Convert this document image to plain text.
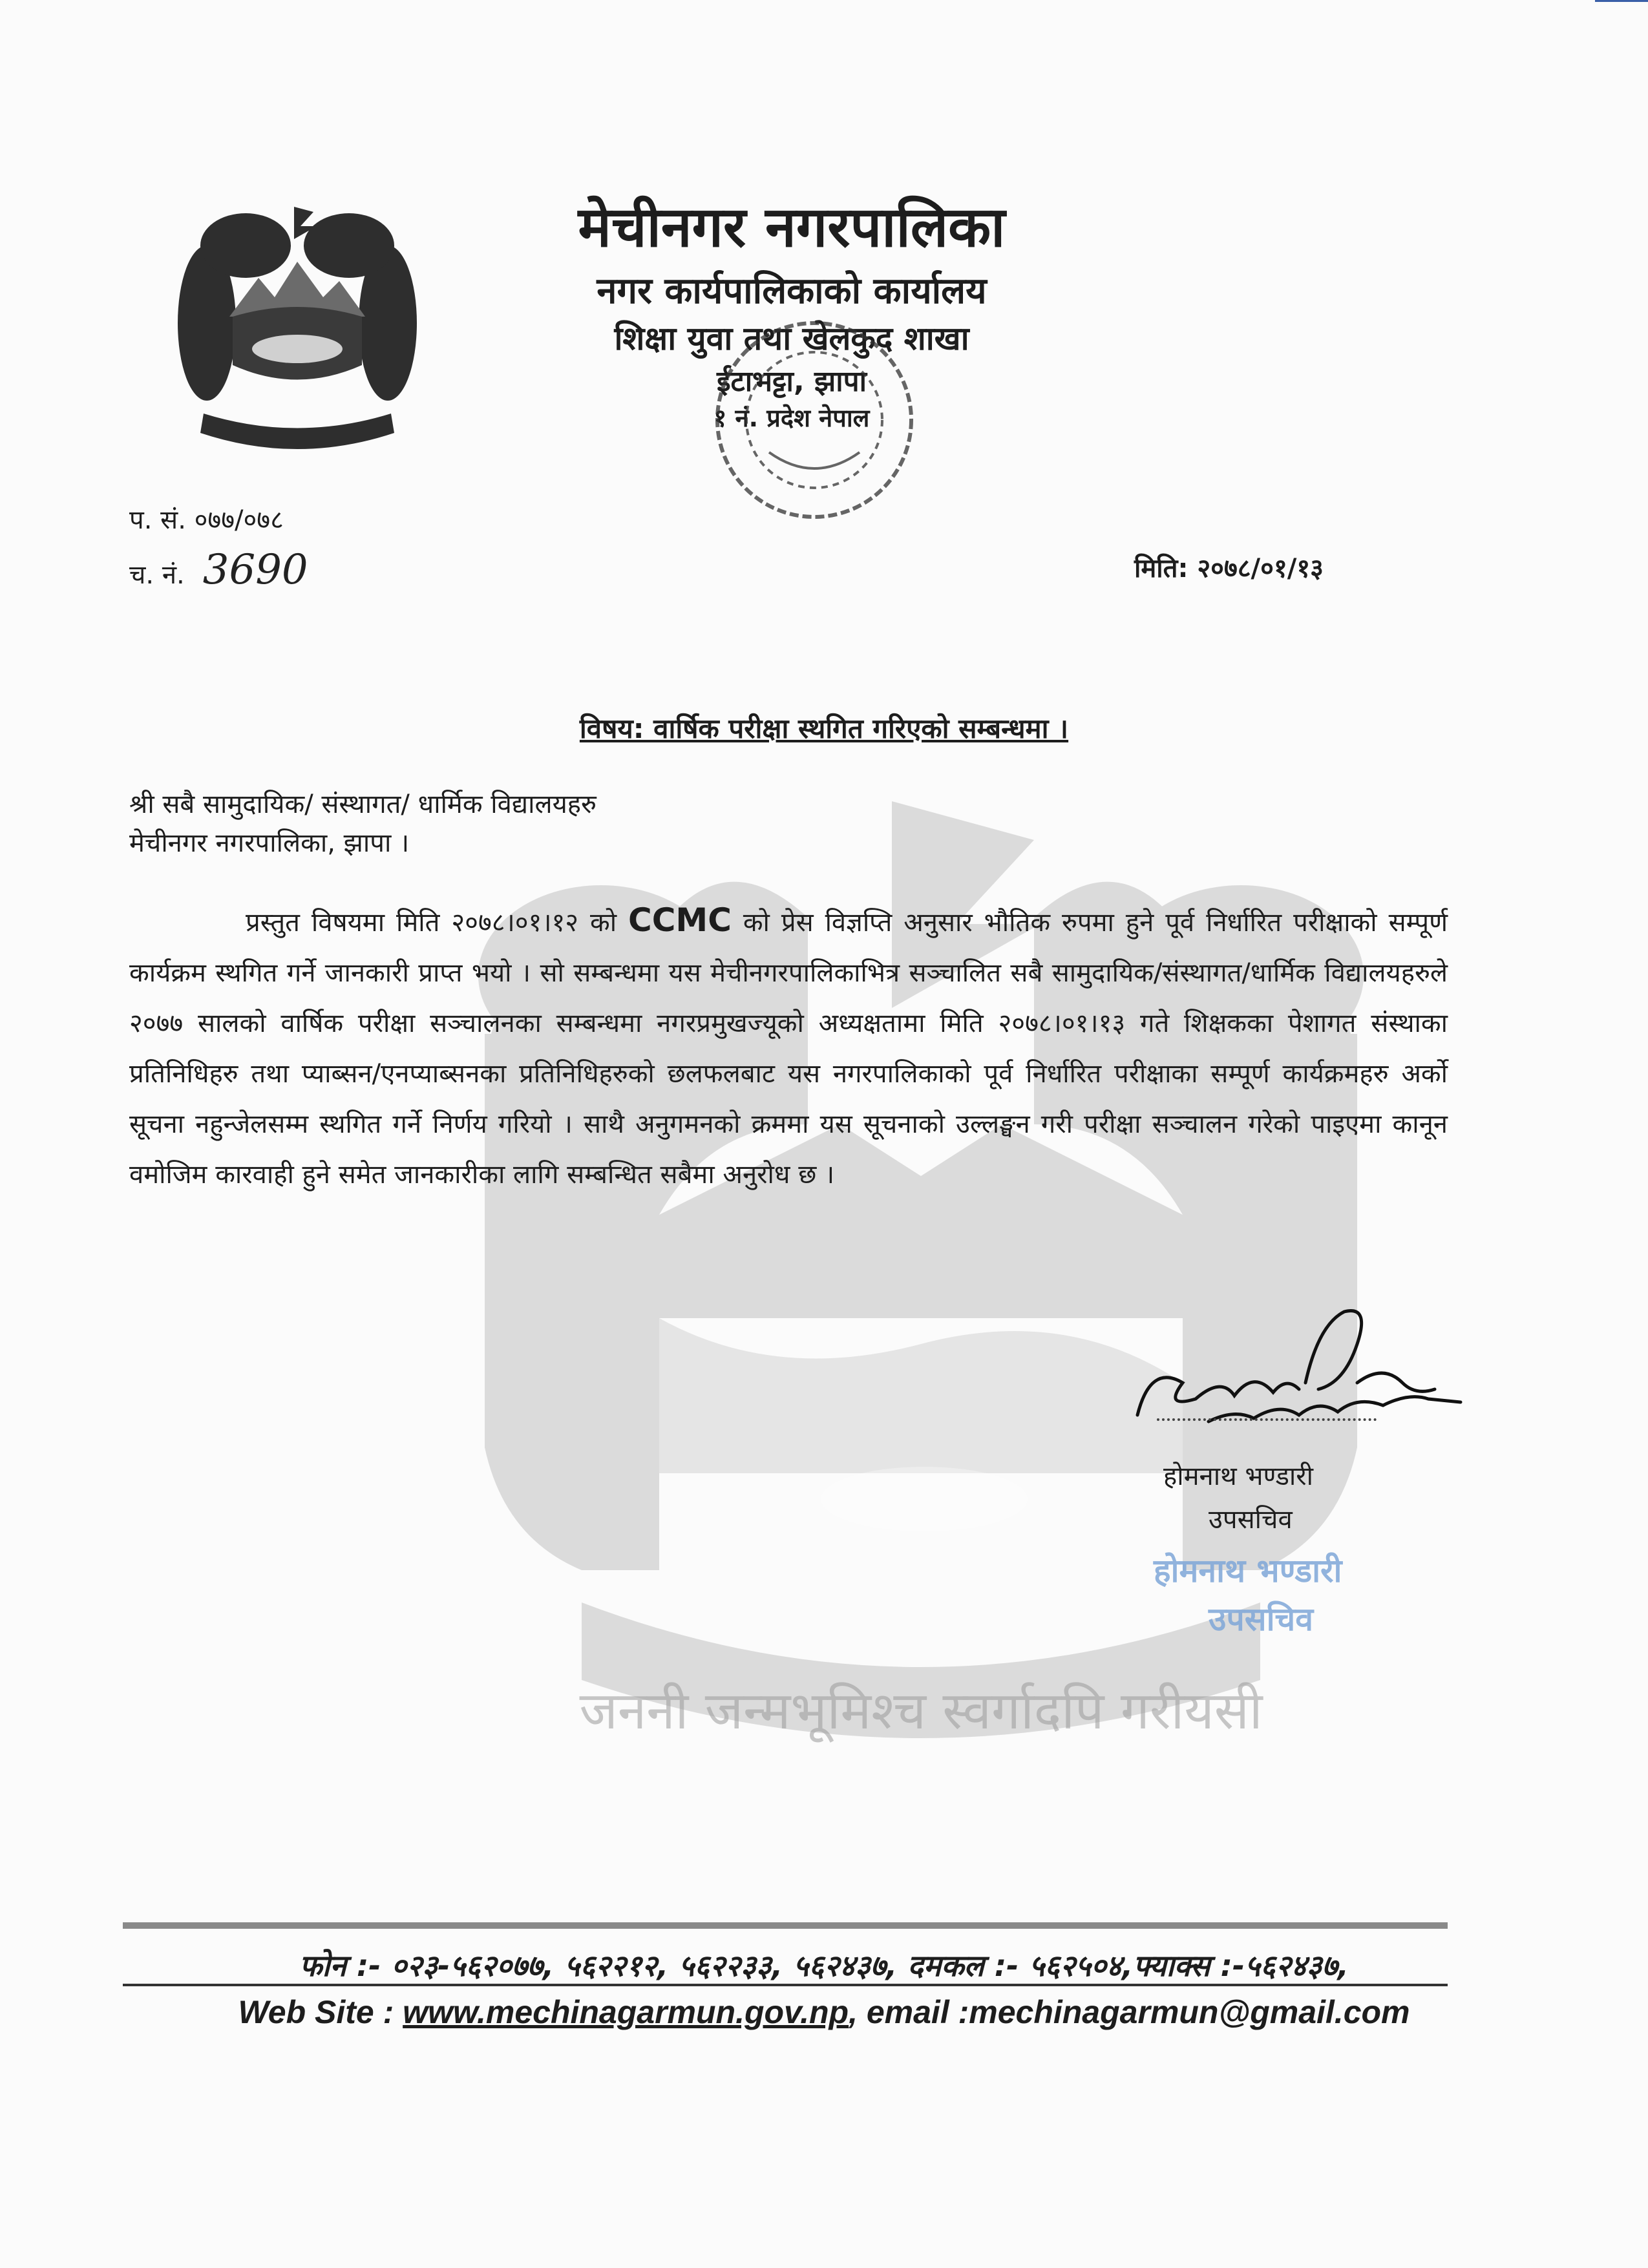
जननी जन्मभूमिश्च स्वर्गादपि गरीयसी
मेचीनगर नगरपालिका
नगर कार्यपालिकाको कार्यालय
शिक्षा युवा तथा खेलकुद शाखा
ईटाभट्टा, झापा
१ नं. प्रदेश नेपाल
प. सं. ०७७/०७८
च. नं. 3690	मिति: २०७८/०१/१३
विषय: वार्षिक परीक्षा स्थगित गरिएको सम्बन्धमा ।
श्री सबै सामुदायिक/ संस्थागत/ धार्मिक विद्यालयहरु
मेचीनगर नगरपालिका, झापा ।
प्रस्तुत विषयमा मिति २०७८।०१।१२ को CCMC को प्रेस विज्ञप्ति अनुसार भौतिक रुपमा हुने पूर्व निर्धारित परीक्षाको सम्पूर्ण कार्यक्रम स्थगित गर्ने जानकारी प्राप्त भयो । सो सम्बन्धमा यस मेचीनगरपालिकाभित्र सञ्चालित सबै सामुदायिक/संस्थागत/धार्मिक विद्यालयहरुले २०७७ सालको वार्षिक परीक्षा सञ्चालनका सम्बन्धमा नगरप्रमुखज्यूको अध्यक्षतामा मिति २०७८।०१।१३ गते शिक्षकका पेशागत संस्थाका प्रतिनिधिहरु तथा प्याब्सन/एनप्याब्सनका प्रतिनिधिहरुको छलफलबाट यस नगरपालिकाको पूर्व निर्धारित परीक्षाका सम्पूर्ण कार्यक्रमहरु अर्को सूचना नहुन्जेलसम्म स्थगित गर्ने निर्णय गरियो । साथै अनुगमनको क्रममा यस सूचनाको उल्लङ्घन गरी परीक्षा सञ्चालन गरेको पाइएमा कानून वमोजिम कारवाही हुने समेत जानकारीका लागि सम्बन्धित सबैमा अनुरोध छ ।
होमनाथ भण्डारी
उपसचिव
होमनाथ भण्डारी
उपसचिव
फोन :- ०२३-५६२०७७, ५६२२१२, ५६२२३३, ५६२४३७, दमकल :- ५६२५०४,फ्याक्स :-५६२४३७,
Web Site : www.mechinagarmun.gov.np, email :mechinagarmun@gmail.com
